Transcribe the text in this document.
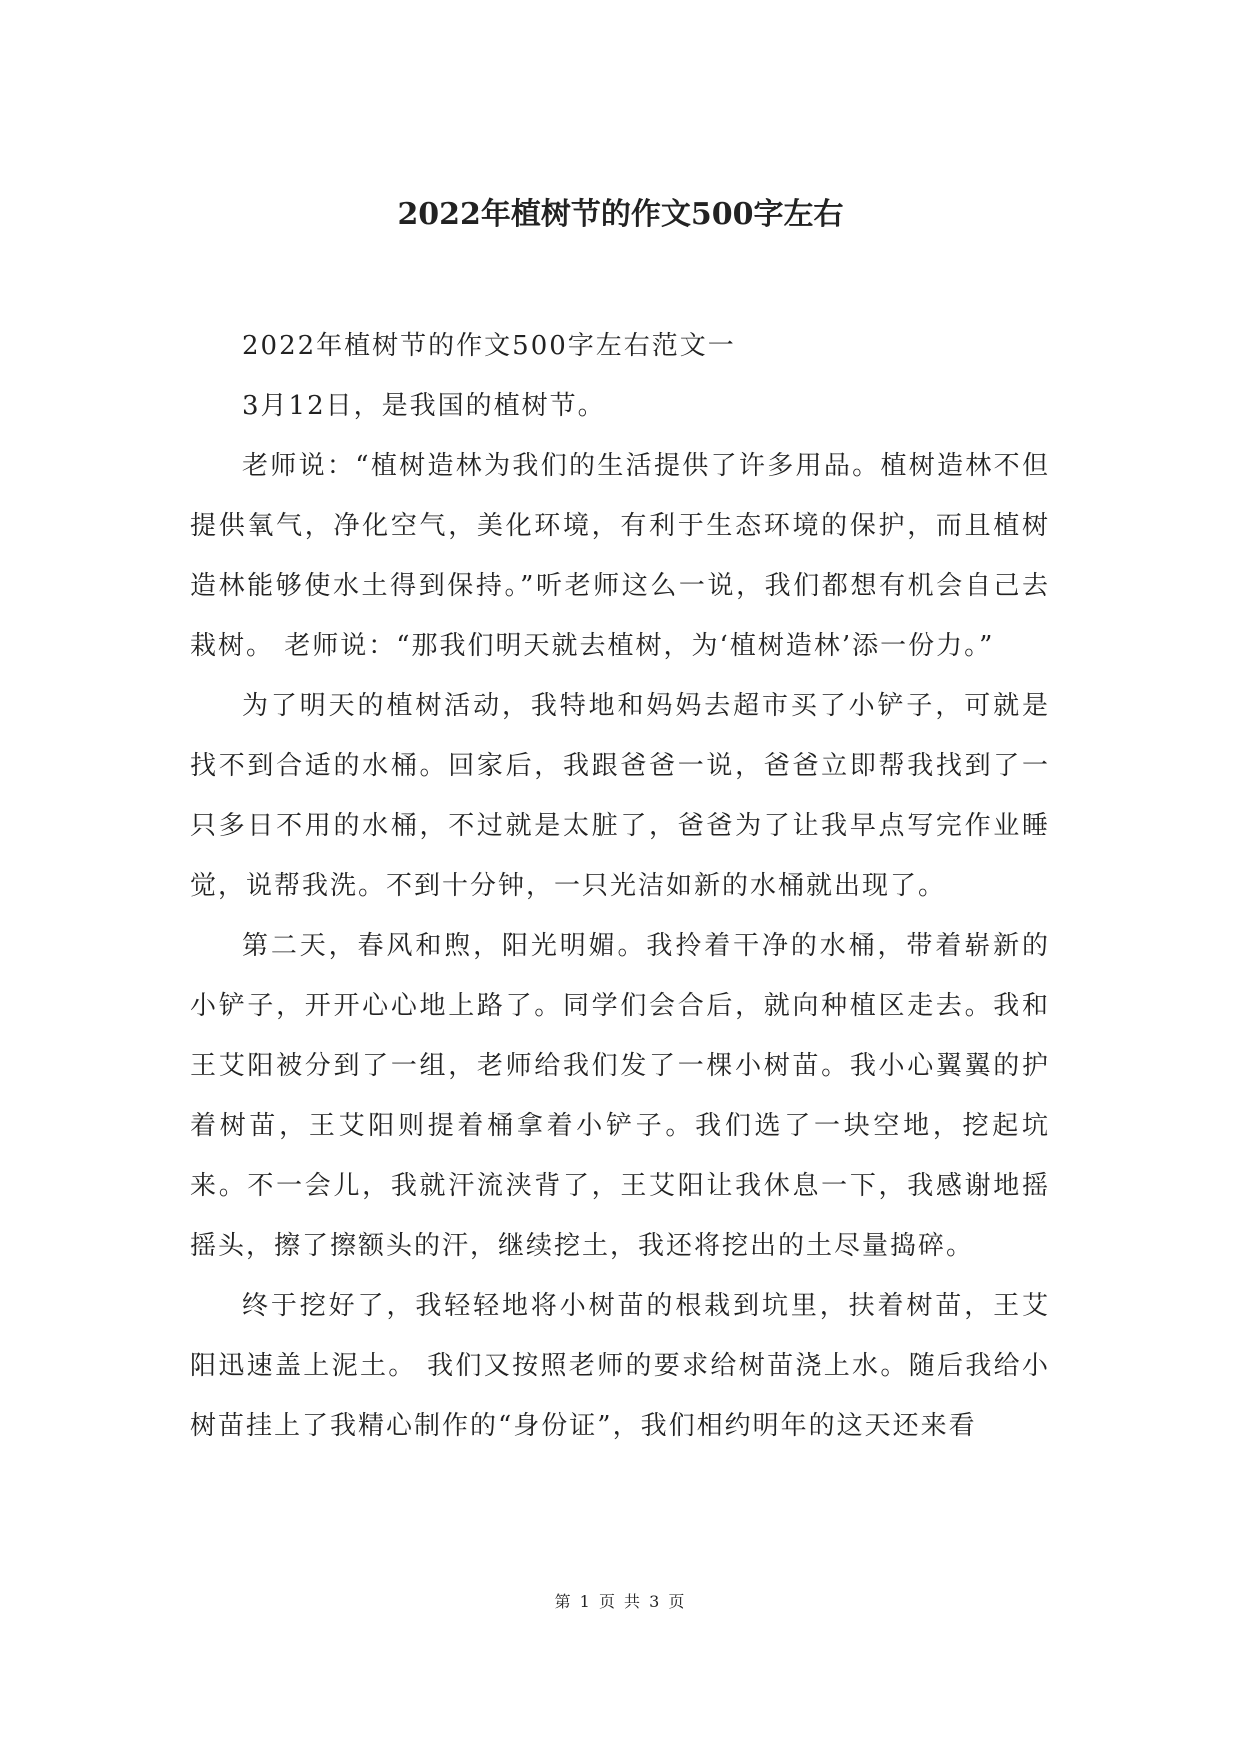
2022年植树节的作文500字左右

2022年植树节的作文500字左右范文一

3月12日，是我国的植树节。

老师说：“植树造林为我们的生活提供了许多用品。植树造林不但提供氧气，净化空气，美化环境，有利于生态环境的保护，而且植树造林能够使水土得到保持。”听老师这么一说，我们都想有机会自己去栽树。 老师说：“那我们明天就去植树，为‘植树造林’添一份力。”

为了明天的植树活动，我特地和妈妈去超市买了小铲子，可就是找不到合适的水桶。回家后，我跟爸爸一说，爸爸立即帮我找到了一只多日不用的水桶，不过就是太脏了，爸爸为了让我早点写完作业睡觉，说帮我洗。不到十分钟，一只光洁如新的水桶就出现了。

第二天，春风和煦，阳光明媚。我拎着干净的水桶，带着崭新的小铲子，开开心心地上路了。同学们会合后，就向种植区走去。我和王艾阳被分到了一组，老师给我们发了一棵小树苗。我小心翼翼的护着树苗，王艾阳则提着桶拿着小铲子。我们选了一块空地，挖起坑来。不一会儿，我就汗流浃背了，王艾阳让我休息一下，我感谢地摇摇头，擦了擦额头的汗，继续挖土，我还将挖出的土尽量捣碎。

终于挖好了，我轻轻地将小树苗的根栽到坑里，扶着树苗，王艾阳迅速盖上泥土。 我们又按照老师的要求给树苗浇上水。随后我给小树苗挂上了我精心制作的“身份证”，我们相约明年的这天还来看

第 1 页 共 3 页
